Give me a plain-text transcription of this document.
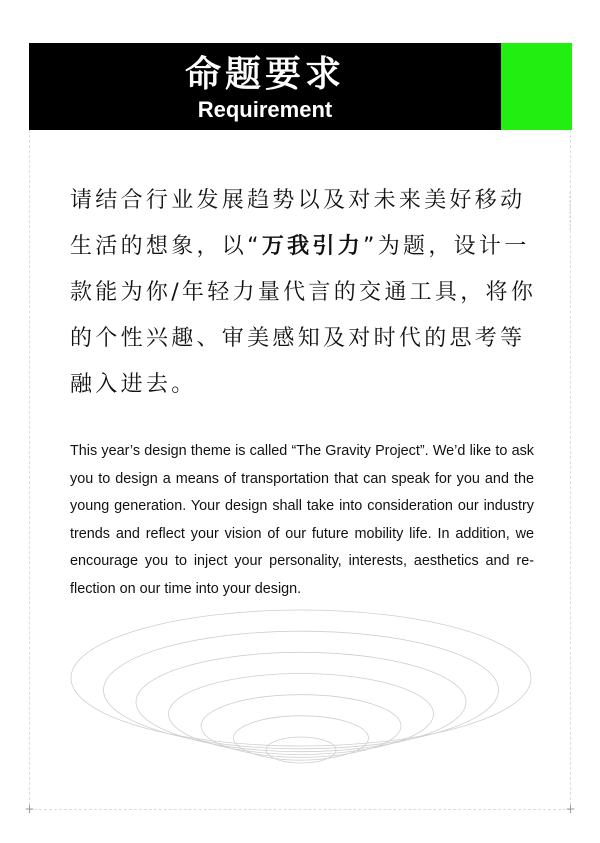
命题要求
Requirement

请结合行业发展趋势以及对未来美好移动生活的想象，以“万我引力”为题，设计一款能为你/年轻力量代言的交通工具，将你的个性兴趣、审美感知及对时代的思考等融入进去。

This year’s design theme is called “The Gravity Project”. We’d like to ask you to design a means of transportation that can speak for you and the young generation. Your design shall take into consideration our industry trends and reflect your vision of our future mobility life. In addition, we encourage you to inject your personality, interests, aesthetics and re-flection on our time into your design.

+	+
